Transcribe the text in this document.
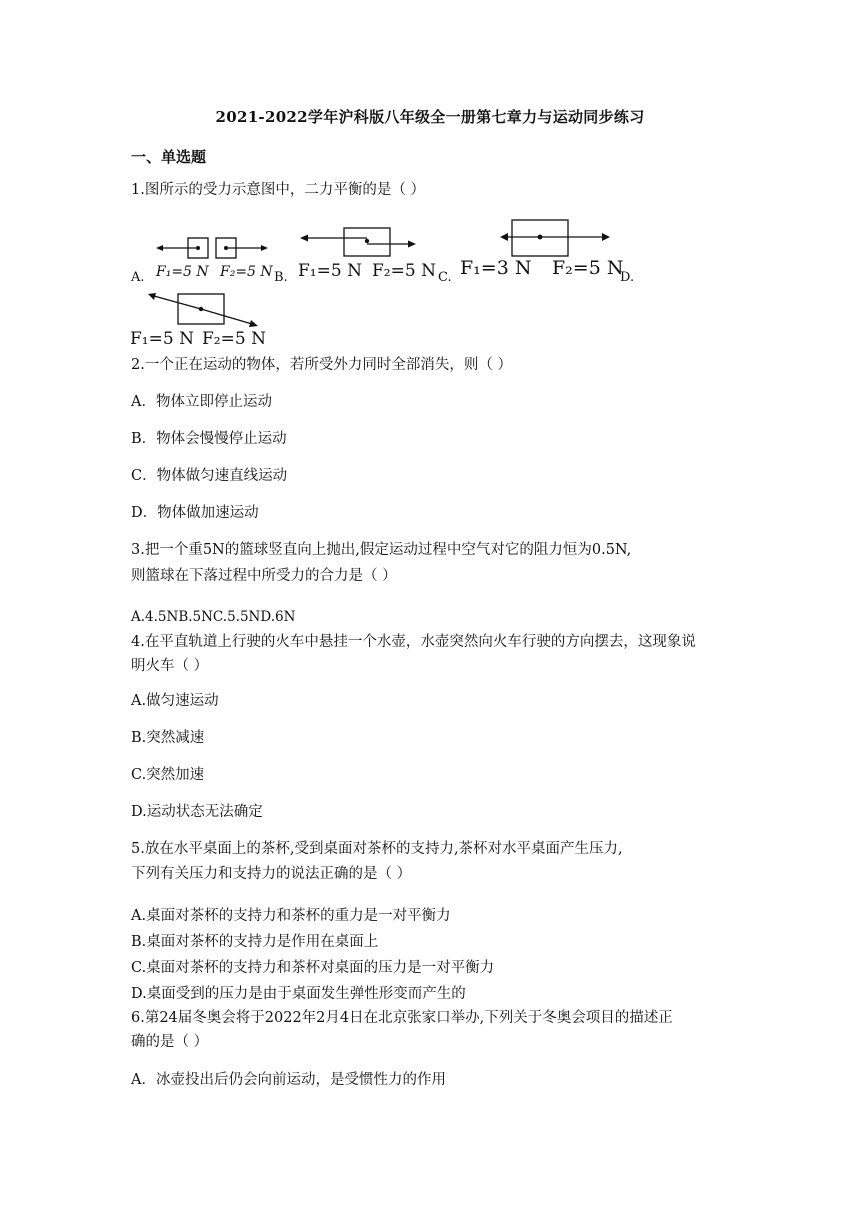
2021-2022学年沪科版八年级全一册第七章力与运动同步练习
一、单选题
1.图所示的受力示意图中，二力平衡的是（ ）
A. F₁=5 N F₂=5 N B. F₁=5 N F₂=5 N C. F₁=3 N F₂=5 N
D.
F₁=5 N F₂=5 N
2.一个正在运动的物体，若所受外力同时全部消失，则（ ）
A．物体立即停止运动
B．物体会慢慢停止运动
C．物体做匀速直线运动
D．物体做加速运动
3.把一个重5N的篮球竖直向上抛出,假定运动过程中空气对它的阻力恒为0.5N,
则篮球在下落过程中所受力的合力是（ ）
A.4.5NB.5NC.5.5ND.6N
4.在平直轨道上行驶的火车中悬挂一个水壶，水壶突然向火车行驶的方向摆去，这现象说
明火车（ ）
A.做匀速运动
B.突然减速
C.突然加速
D.运动状态无法确定
5.放在水平桌面上的茶杯,受到桌面对茶杯的支持力,茶杯对水平桌面产生压力,
下列有关压力和支持力的说法正确的是（ ）
A.桌面对茶杯的支持力和茶杯的重力是一对平衡力
B.桌面对茶杯的支持力是作用在桌面上
C.桌面对茶杯的支持力和茶杯对桌面的压力是一对平衡力
D.桌面受到的压力是由于桌面发生弹性形变而产生的
6.第24届冬奥会将于2022年2月4日在北京张家口举办,下列关于冬奥会项目的描述正
确的是（ ）
A．冰壶投出后仍会向前运动，是受惯性力的作用
